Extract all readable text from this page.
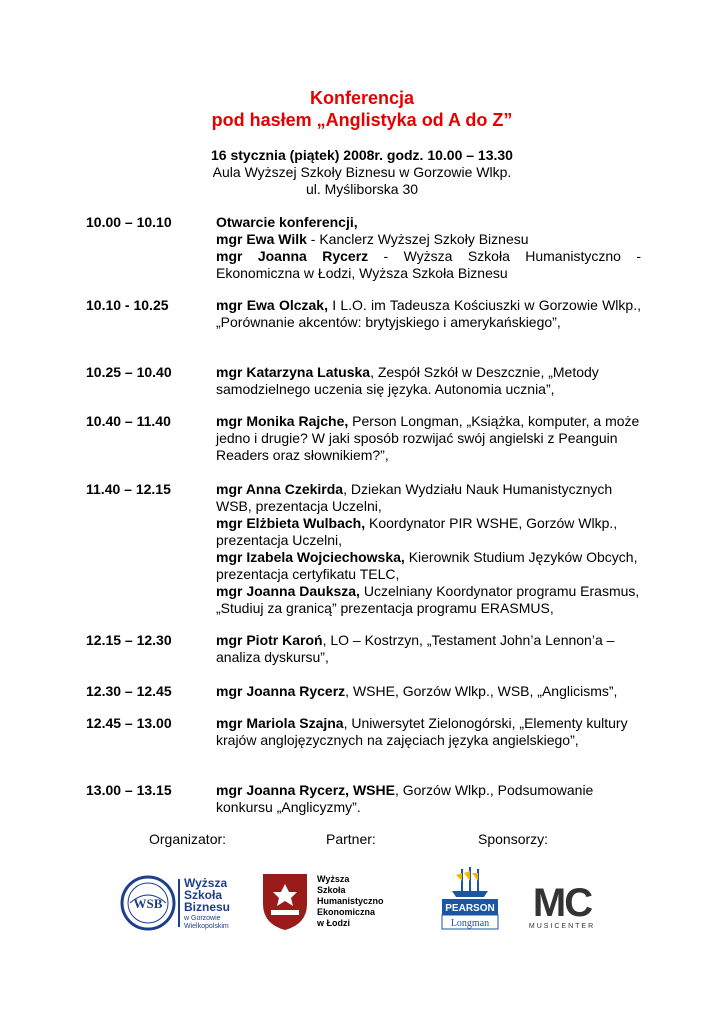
Konferencja
pod hasłem „Anglistyka od A do Z”
16 stycznia (piątek) 2008r. godz. 10.00 – 13.30
Aula Wyższej Szkoły Biznesu w Gorzowie Wlkp.
ul. Myśliborska 30
10.00 – 10.10	Otwarcie konferencji,
mgr Ewa Wilk - Kanclerz Wyższej Szkoły Biznesu
mgr Joanna Rycerz - Wyższa Szkoła Humanistyczno - Ekonomiczna w Łodzi, Wyższa Szkoła Biznesu
10.10 - 10.25	mgr Ewa Olczak, I L.O. im Tadeusza Kościuszki w Gorzowie Wlkp., „Porównanie akcentów: brytyjskiego i amerykańskiego”,
10.25 – 10.40	mgr Katarzyna Latuska, Zespół Szkół w Deszcznie, „Metody samodzielnego uczenia się języka. Autonomia ucznia”,
10.40 – 11.40	mgr Monika Rajche, Person Longman, „Książka, komputer, a może jedno i drugie? W jaki sposób rozwijać swój angielski z Peanguin Readers oraz słownikiem?”,
11.40 – 12.15	mgr Anna Czekirda, Dziekan Wydziału Nauk Humanistycznych WSB, prezentacja Uczelni,
mgr Elżbieta Wulbach, Koordynator PIR WSHE, Gorzów Wlkp., prezentacja Uczelni,
mgr Izabela Wojciechowska, Kierownik Studium Języków Obcych, prezentacja certyfikatu TELC,
mgr Joanna Dauksza, Uczelniany Koordynator programu Erasmus, „Studiuj za granicą” prezentacja programu ERASMUS,
12.15 – 12.30	mgr Piotr Karoń, LO – Kostrzyn, „Testament John’a Lennon’a – analiza dyskursu”,
12.30 – 12.45	mgr Joanna Rycerz, WSHE, Gorzów Wlkp., WSB, „Anglicisms”,
12.45 – 13.00	mgr Mariola Szajna, Uniwersytet Zielonogórski, „Elementy kultury krajów anglojęzycznych na zajęciach języka angielskiego”,
13.00 – 13.15	mgr Joanna Rycerz, WSHE, Gorzów Wlkp., Podsumowanie konkursu „Anglicyzmy”.
Organizator:	Partner:	Sponsorzy:
WSB
Wyższa
Szkoła
Biznesu
w Gorzowie
Wielkopolskim
Wyższa
Szkoła
Humanistyczno
Ekonomiczna
w Łodzi
PEARSON
Longman MC
MUSICENTER
